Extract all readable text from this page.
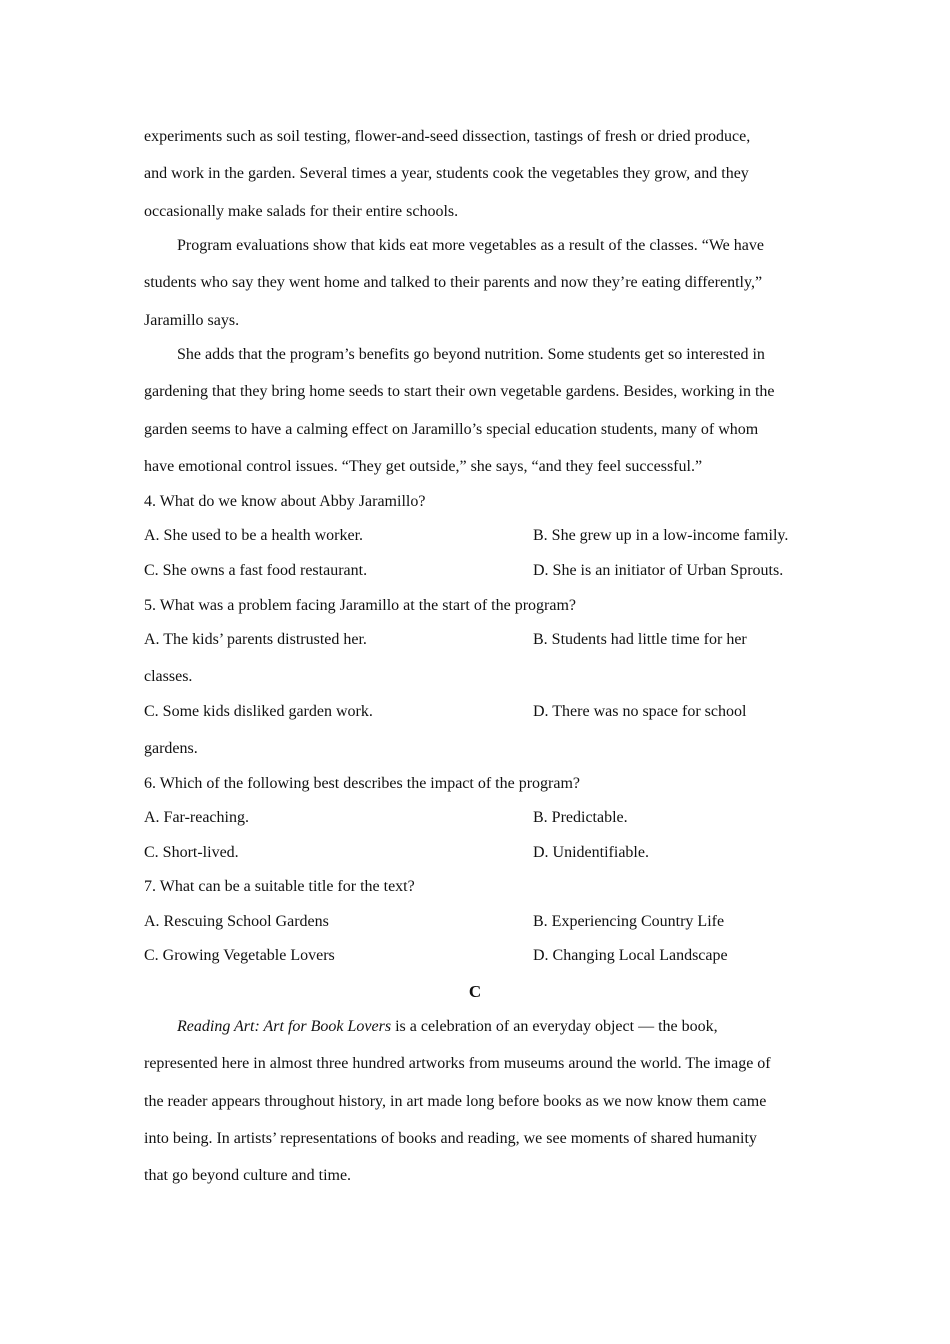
experiments such as soil testing, flower-and-seed dissection, tastings of fresh or dried produce,
and work in the garden. Several times a year, students cook the vegetables they grow, and they
occasionally make salads for their entire schools.
Program evaluations show that kids eat more vegetables as a result of the classes. “We have
students who say they went home and talked to their parents and now they’re eating differently,”
Jaramillo says.
She adds that the program’s benefits go beyond nutrition. Some students get so interested in
gardening that they bring home seeds to start their own vegetable gardens. Besides, working in the
garden seems to have a calming effect on Jaramillo’s special education students, many of whom
have emotional control issues. “They get outside,” she says, “and they feel successful.”
4. What do we know about Abby Jaramillo?
A. She used to be a health worker.	B. She grew up in a low-income family.
C. She owns a fast food restaurant.	D. She is an initiator of Urban Sprouts.
5. What was a problem facing Jaramillo at the start of the program?
A. The kids’ parents distrusted her.	B. Students had little time for her
classes.
C. Some kids disliked garden work.	D. There was no space for school
gardens.
6. Which of the following best describes the impact of the program?
A. Far-reaching.	B. Predictable.
C. Short-lived.	D. Unidentifiable.
7. What can be a suitable title for the text?
A. Rescuing School Gardens	B. Experiencing Country Life
C. Growing Vegetable Lovers	D. Changing Local Landscape
C
Reading Art: Art for Book Lovers is a celebration of an everyday object — the book,
represented here in almost three hundred artworks from museums around the world. The image of
the reader appears throughout history, in art made long before books as we now know them came
into being. In artists’ representations of books and reading, we see moments of shared humanity
that go beyond culture and time.
